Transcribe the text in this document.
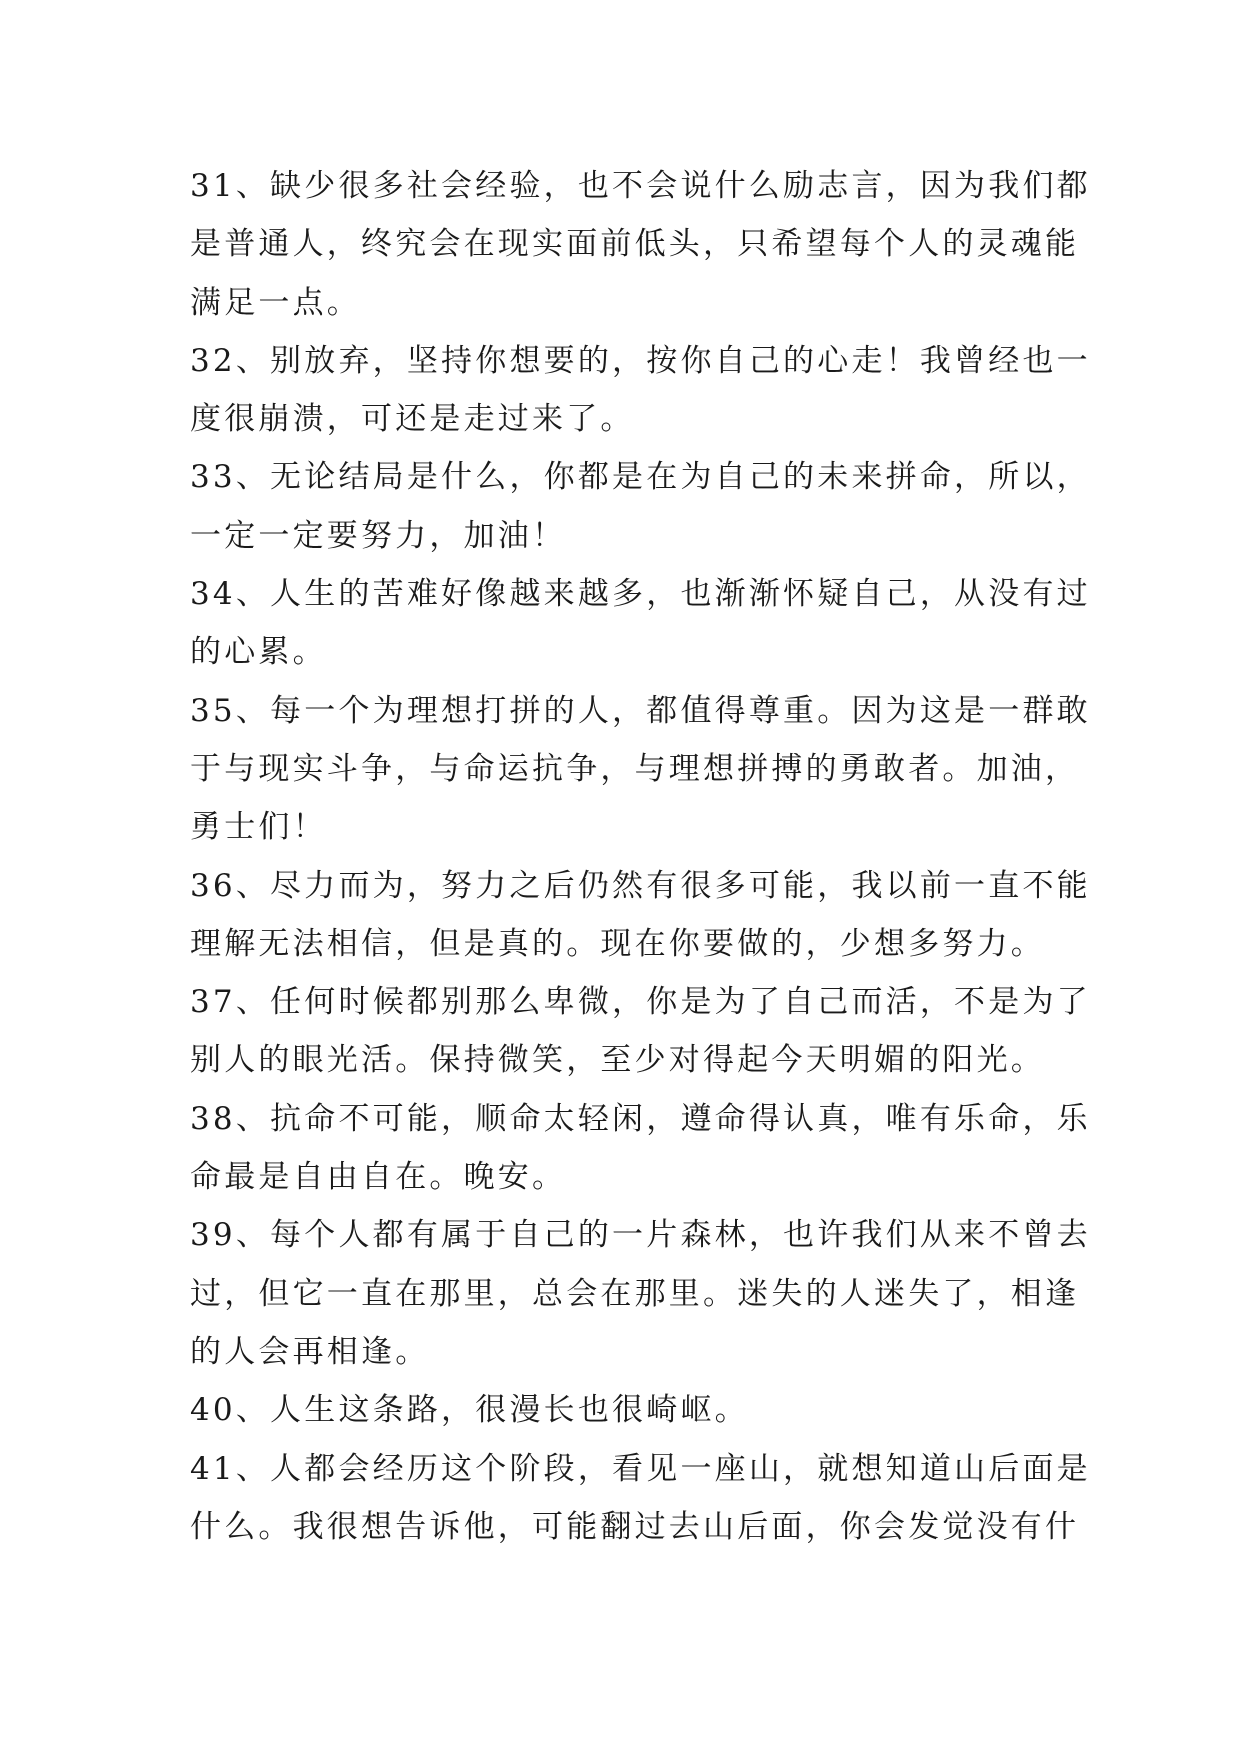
31、缺少很多社会经验，也不会说什么励志言，因为我们都
是普通人，终究会在现实面前低头，只希望每个人的灵魂能
满足一点。
32、别放弃，坚持你想要的，按你自己的心走！我曾经也一
度很崩溃，可还是走过来了。
33、无论结局是什么，你都是在为自己的未来拼命，所以，
一定一定要努力，加油！
34、人生的苦难好像越来越多，也渐渐怀疑自己，从没有过
的心累。
35、每一个为理想打拼的人，都值得尊重。因为这是一群敢
于与现实斗争，与命运抗争，与理想拼搏的勇敢者。加油，
勇士们！
36、尽力而为，努力之后仍然有很多可能，我以前一直不能
理解无法相信，但是真的。现在你要做的，少想多努力。
37、任何时候都别那么卑微，你是为了自己而活，不是为了
别人的眼光活。保持微笑，至少对得起今天明媚的阳光。
38、抗命不可能，顺命太轻闲，遵命得认真，唯有乐命，乐
命最是自由自在。晚安。
39、每个人都有属于自己的一片森林，也许我们从来不曾去
过，但它一直在那里，总会在那里。迷失的人迷失了，相逢
的人会再相逢。
40、人生这条路，很漫长也很崎岖。
41、人都会经历这个阶段，看见一座山，就想知道山后面是
什么。我很想告诉他，可能翻过去山后面，你会发觉没有什
